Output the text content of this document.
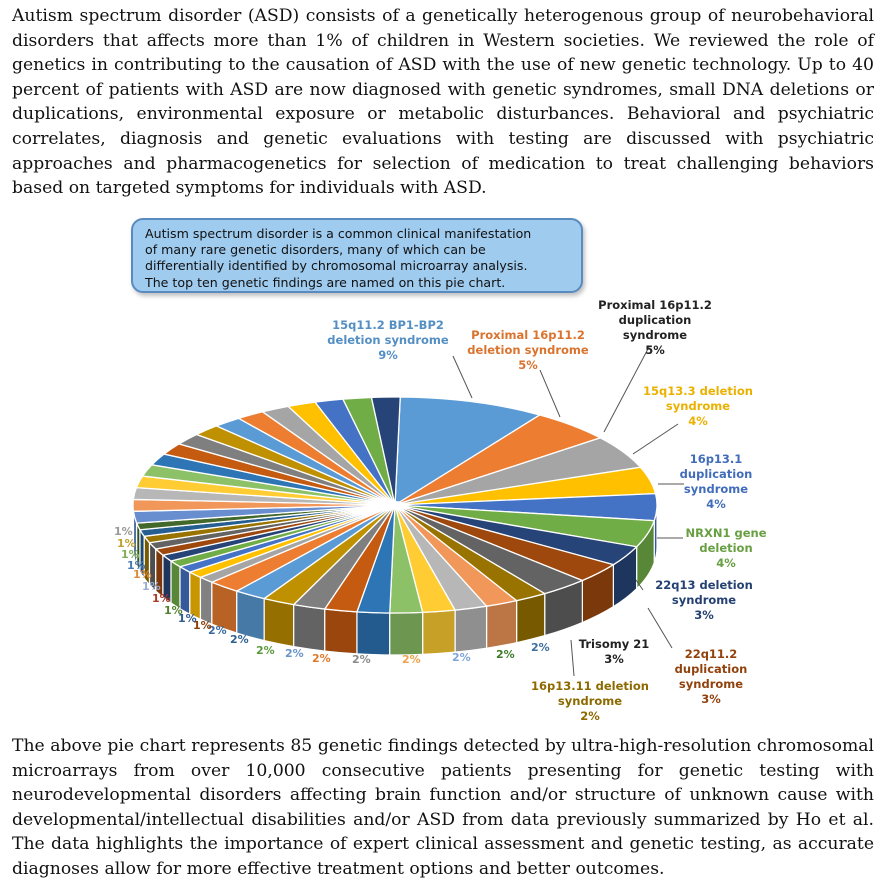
Autism spectrum disorder (ASD) consists of a genetically heterogenous group of neurobehavioral disorders that affects more than 1% of children in Western societies. We reviewed the role of genetics in contributing to the causation of ASD with the use of new genetic technology. Up to 40 percent of patients with ASD are now diagnosed with genetic syndromes, small DNA deletions or duplications, environmental exposure or metabolic disturbances. Behavioral and psychiatric correlates, diagnosis and genetic evaluations with testing are discussed with psychiatric approaches and pharmacogenetics for selection of medication to treat challenging behaviors based on targeted symptoms for individuals with ASD.

Autism spectrum disorder is a common clinical manifestation
of many rare genetic disorders, many of which can be
differentially identified by chromosomal microarray analysis.
The top ten genetic findings are named on this pie chart.
15q11.2 BP1-BP2
deletion syndrome
9%
Proximal 16p11.2
deletion syndrome
5%
Proximal 16p11.2
duplication
syndrome
5%
15q13.3 deletion
syndrome
4%
16p13.1
duplication
syndrome
4%
NRXN1 gene
deletion
4%
22q13 deletion
syndrome
3%
22q11.2
duplication
syndrome
3%
Trisomy 21
3%
16p13.11 deletion
syndrome
2%
2%
2%
2%
2%
2%
2%
2%
2%
2%
2%
1%
1%
1%
1%
1%
1%
1%
1%
1%
1%

The above pie chart represents 85 genetic findings detected by ultra-high-resolution chromosomal microarrays from over 10,000 consecutive patients presenting for genetic testing with neurodevelopmental disorders affecting brain function and/or structure of unknown cause with developmental/intellectual disabilities and/or ASD from data previously summarized by Ho et al. The data highlights the importance of expert clinical assessment and genetic testing, as accurate diagnoses allow for more effective treatment options and better outcomes.
